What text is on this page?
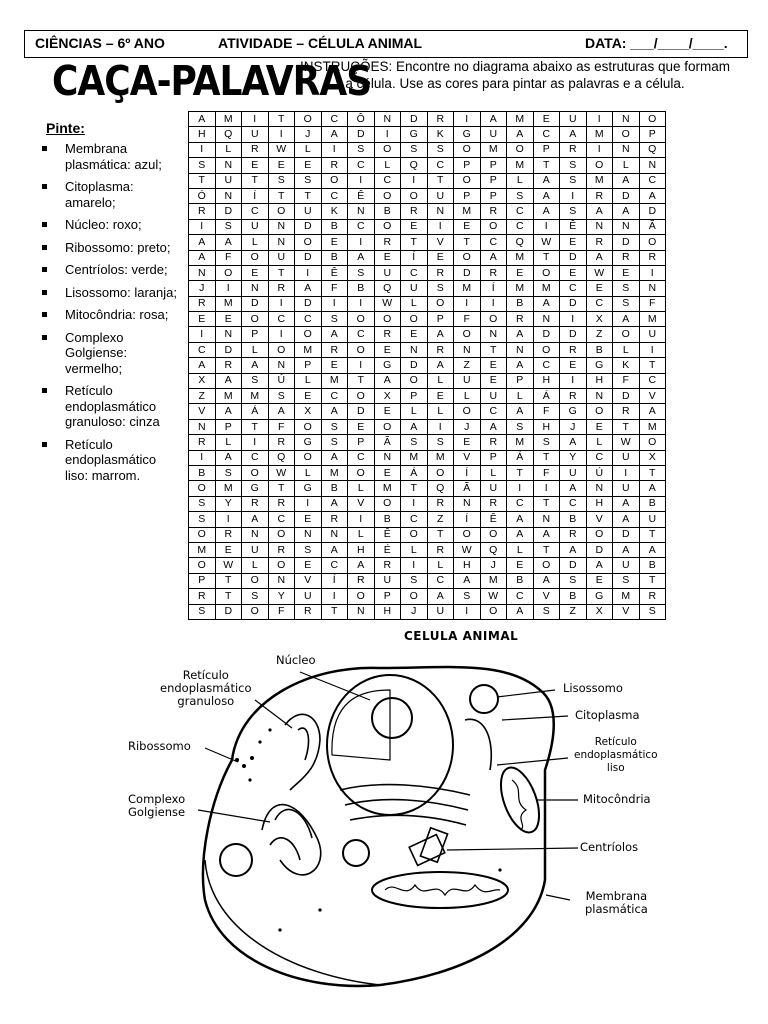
CIÊNCIAS – 6º ANO	ATIVIDADE – CÉLULA ANIMAL	DATA: ___/____/____.
CAÇA-PALAVRAS
INSTRUÇÕES: Encontre no diagrama abaixo as estruturas que formam a célula. Use as cores para pintar as palavras e a célula.
Pinte:
Membrana plasmática: azul;
Citoplasma: amarelo;
Núcleo: roxo;
Ribossomo: preto;
Centríolos: verde;
Lisossomo: laranja;
Mitocôndria: rosa;
Complexo Golgiense: vermelho;
Retículo endoplasmático granuloso: cinza
Retículo endoplasmático liso: marrom.
A	M	I	T	O	C	Ô	N	D	R	I	A	M	E	U	I	N	O
H	Q	U	I	J	A	D	I	G	K	G	U	A	C	A	M	O	P
I	L	R	W	L	I	S	O	S	S	O	M	O	P	R	I	N	Q
S	N	E	E	E	R	C	L	Q	C	P	P	M	T	S	O	L	N
T	U	T	S	S	O	I	C	I	T	O	P	L	A	S	M	A	C
Ó	N	Í	T	T	C	Ê	O	O	U	P	P	S	A	I	R	D	A
R	D	C	O	U	K	N	B	R	N	M	R	C	A	S	A	A	D
I	S	U	N	D	B	C	O	E	I	E	O	C	I	Ê	N	N	Ã
A	A	L	N	O	E	I	R	T	V	T	C	Q	W	E	R	D	O
A	F	O	U	D	B	A	E	Í	E	O	A	M	T	D	A	R	R
N	O	E	T	I	Ê	S	U	C	R	D	R	E	O	E	W	E	I
J	I	N	R	A	F	B	Q	U	S	M	Í	M	M	C	E	S	N
R	M	D	I	D	I	I	W	L	O	I	I	B	A	D	C	S	F
E	E	O	C	C	S	O	O	O	P	F	O	R	N	I	X	A	M
I	N	P	I	O	A	C	R	E	A	O	N	A	D	D	Z	O	U
C	D	L	O	M	R	O	E	N	R	N	T	N	O	R	B	L	I
A	R	A	N	P	E	I	G	D	A	Z	E	A	C	E	G	K	T
X	A	S	Ú	L	M	T	A	O	L	U	E	P	H	I	H	F	C
Z	M	M	S	E	C	O	X	P	E	L	U	L	Á	R	N	D	V
V	A	Á	A	X	A	D	E	L	L	O	C	A	F	G	O	R	A
N	P	T	F	O	S	E	O	A	I	J	A	S	H	J	E	T	M
R	L	I	R	G	S	P	Ã	S	S	E	R	M	S	A	L	W	O
I	A	C	Q	O	A	C	N	M	M	V	P	Á	T	Y	C	U	X
B	S	O	W	L	M	O	E	Á	O	Í	L	T	F	U	Ú	I	T
O	M	G	T	G	B	L	M	T	Q	Ã	U	I	I	A	N	U	A
S	Y	R	R	I	A	V	O	I	R	N	R	C	T	C	H	A	B
S	I	A	C	E	R	I	B	C	Z	Í	Ê	A	N	B	V	A	U
O	R	N	O	N	N	L	Ê	O	T	O	O	A	A	R	O	D	T
M	E	U	R	S	A	H	É	L	R	W	Q	L	T	A	D	A	A
O	W	L	O	E	C	A	R	I	L	H	J	E	O	D	A	U	B
P	T	O	N	V	Í	R	U	S	C	A	M	B	A	S	E	S	T
R	T	S	Y	U	I	O	P	O	A	S	W	C	V	B	G	M	R
S	D	O	F	R	T	N	H	J	U	I	O	A	S	Z	X	V	S
CELULA ANIMAL
Núcleo
Retículo
endoplasmático
granuloso
Ribossomo
Complexo
Golgiense
Lisossomo
Citoplasma
Retículo
endoplasmático
liso
Mitocôndria
Centríolos
Membrana
plasmática
